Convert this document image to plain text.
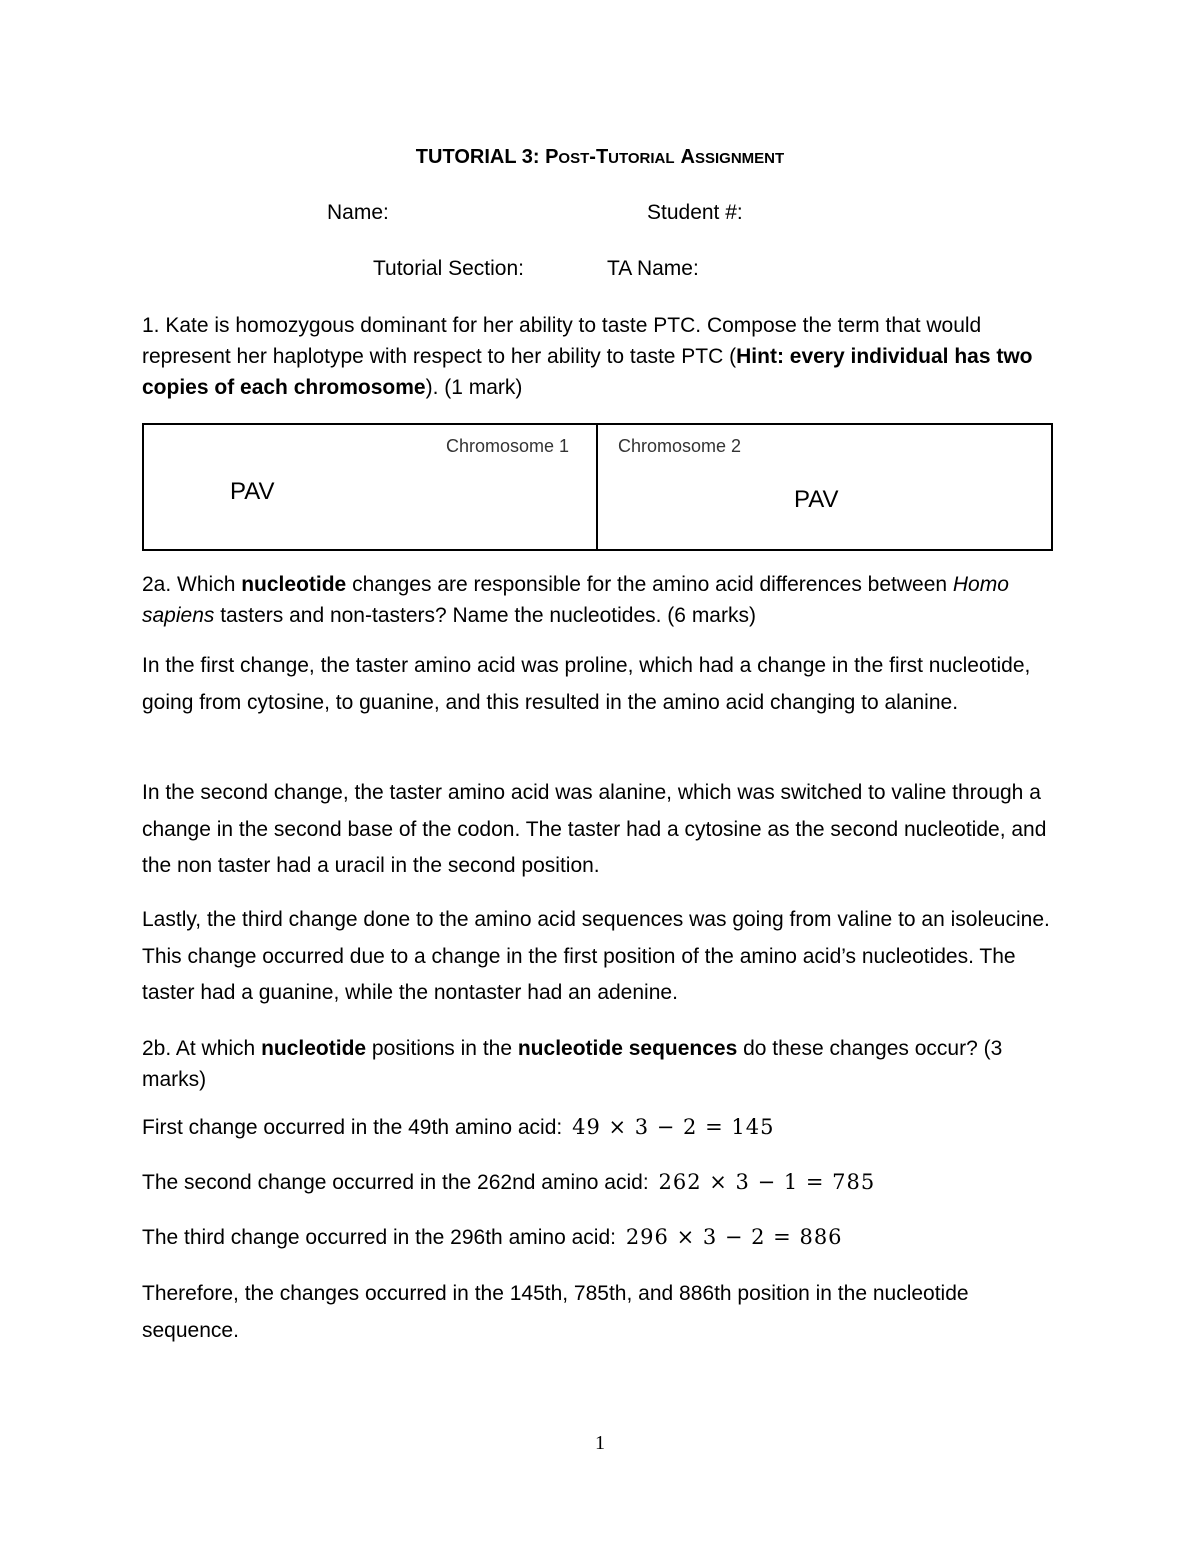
TUTORIAL 3: POST-TUTORIAL ASSIGNMENT
Name:	Student #:
Tutorial Section:	TA Name:
1. Kate is homozygous dominant for her ability to taste PTC. Compose the term that would represent her haplotype with respect to her ability to taste PTC (Hint: every individual has two copies of each chromosome). (1 mark)
Chromosome 1
PAV
Chromosome 2
PAV
2a. Which nucleotide changes are responsible for the amino acid differences between Homo sapiens tasters and non-tasters? Name the nucleotides. (6 marks)
In the first change, the taster amino acid was proline, which had a change in the first nucleotide, going from cytosine, to guanine, and this resulted in the amino acid changing to alanine.
In the second change, the taster amino acid was alanine, which was switched to valine through a change in the second base of the codon. The taster had a cytosine as the second nucleotide, and the non taster had a uracil in the second position.
Lastly, the third change done to the amino acid sequences was going from valine to an isoleucine. This change occurred due to a change in the first position of the amino acid’s nucleotides. The taster had a guanine, while the nontaster had an adenine.
2b. At which nucleotide positions in the nucleotide sequences do these changes occur? (3 marks)
First change occurred in the 49th amino acid: 49 × 3 − 2 = 145
The second change occurred in the 262nd amino acid: 262 × 3 − 1 = 785
The third change occurred in the 296th amino acid: 296 × 3 − 2 = 886
Therefore, the changes occurred in the 145th, 785th, and 886th position in the nucleotide sequence.
1
